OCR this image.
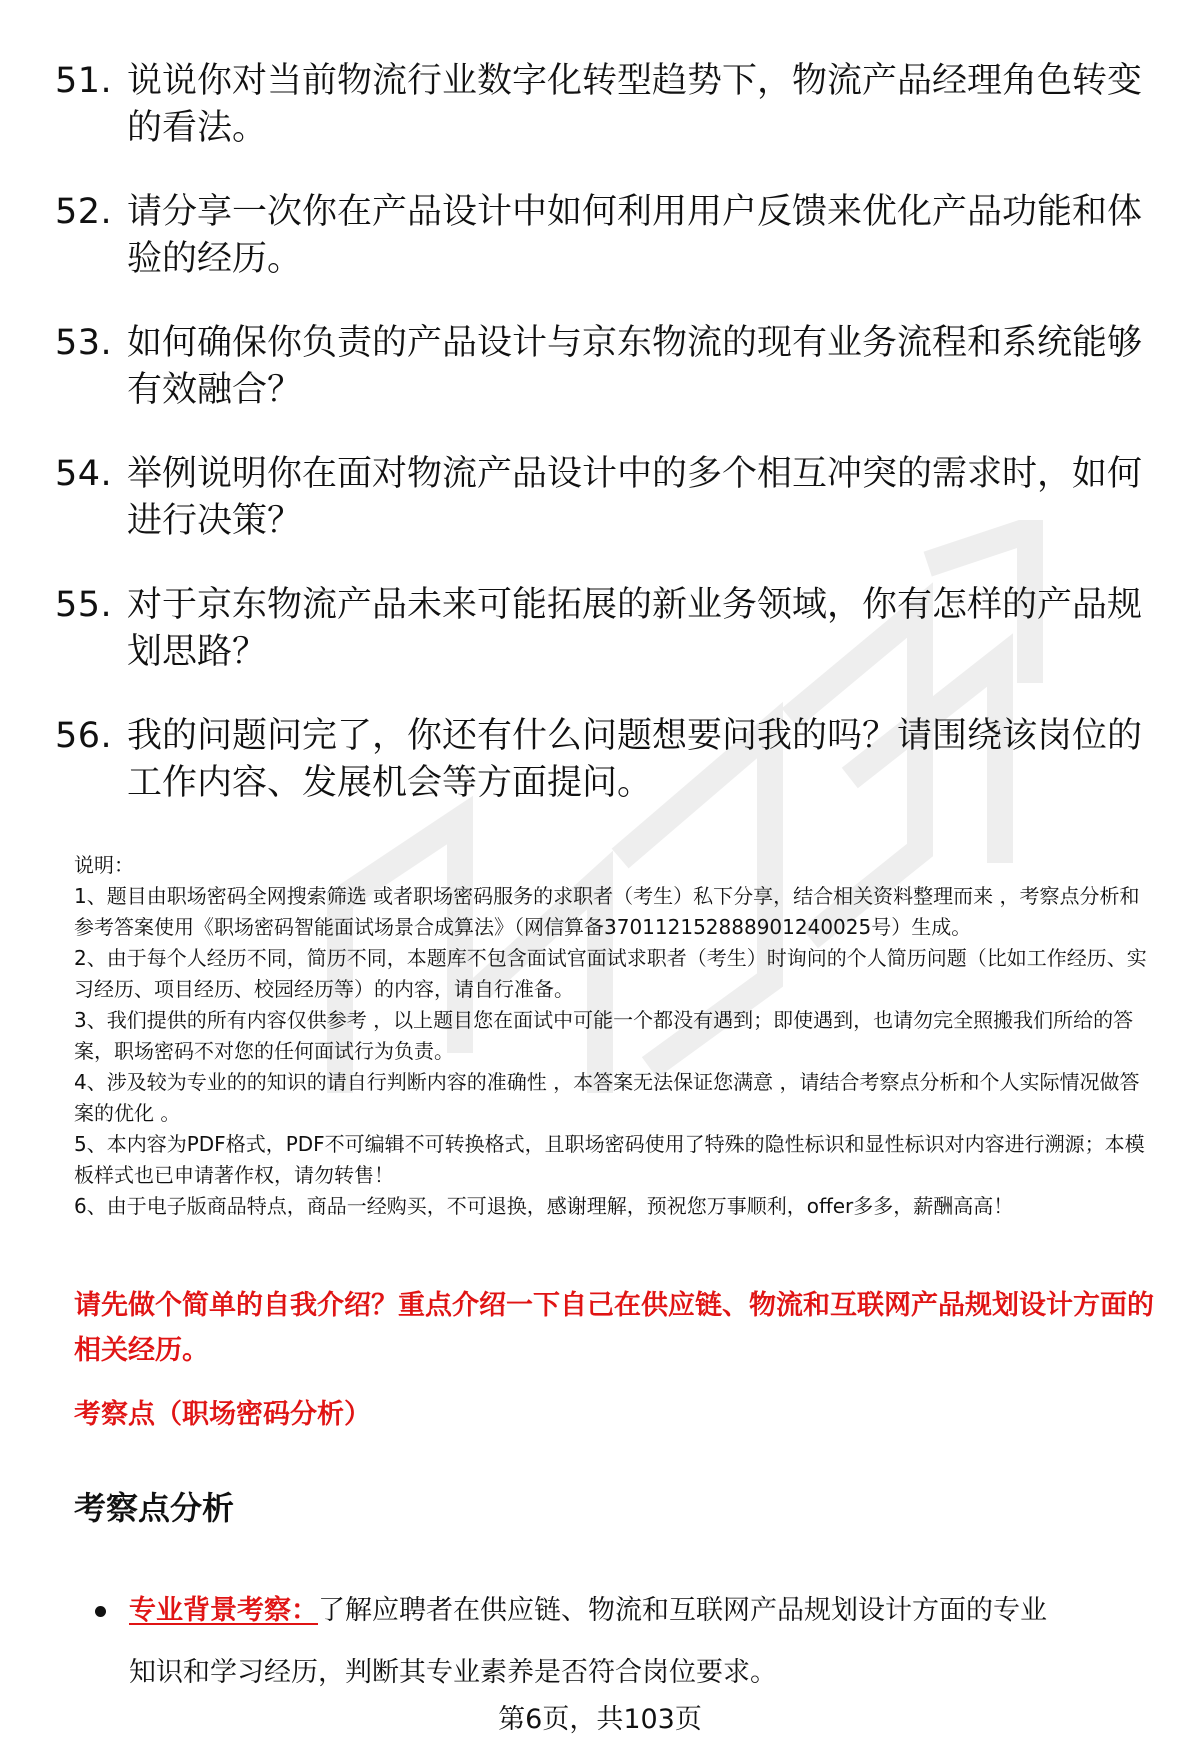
51. 说说你对当前物流行业数字化转型趋势下，物流产品经理角色转变的看法。
52. 请分享一次你在产品设计中如何利用用户反馈来优化产品功能和体验的经历。
53. 如何确保你负责的产品设计与京东物流的现有业务流程和系统能够有效融合？
54. 举例说明你在面对物流产品设计中的多个相互冲突的需求时，如何进行决策？
55. 对于京东物流产品未来可能拓展的新业务领域，你有怎样的产品规划思路？
56. 我的问题问完了，你还有什么问题想要问我的吗？请围绕该岗位的工作内容、发展机会等方面提问。
说明：
1、题目由职场密码全网搜索筛选 或者职场密码服务的求职者（考生）私下分享，结合相关资料整理而来 ，考察点分析和参考答案使用《职场密码智能面试场景合成算法》（网信算备370112152888901240025号）生成。
2、由于每个人经历不同，简历不同，本题库不包含面试官面试求职者（考生）时询问的个人简历问题（比如工作经历、实习经历、项目经历、校园经历等）的内容，请自行准备。
3、我们提供的所有内容仅供参考 ，以上题目您在面试中可能一个都没有遇到；即使遇到，也请勿完全照搬我们所给的答案，职场密码不对您的任何面试行为负责。
4、涉及较为专业的的知识的请自行判断内容的准确性 ，本答案无法保证您满意 ，请结合考察点分析和个人实际情况做答案的优化 。
5、本内容为PDF格式，PDF不可编辑不可转换格式，且职场密码使用了特殊的隐性标识和显性标识对内容进行溯源；本模板样式也已申请著作权，请勿转售！
6、由于电子版商品特点，商品一经购买，不可退换，感谢理解，预祝您万事顺利，offer多多，薪酬高高！
请先做个简单的自我介绍？重点介绍一下自己在供应链、物流和互联网产品规划设计方面的相关经历。
考察点（职场密码分析）
考察点分析
专业背景考察：了解应聘者在供应链、物流和互联网产品规划设计方面的专业
知识和学习经历，判断其专业素养是否符合岗位要求。
第6页，共103页
